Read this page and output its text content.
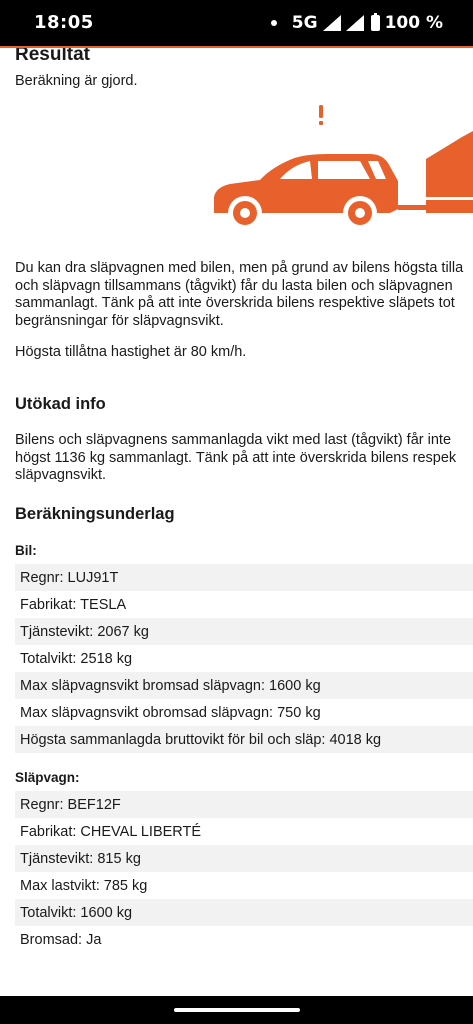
18:05	5G	100 %
Resultat

Beräkning är gjord.

Du kan dra släpvagnen med bilen, men på grund av bilens högsta tilla
och släpvagn tillsammans (tågvikt) får du lasta bilen och släpvagnen
sammanlagt. Tänk på att inte överskrida bilens respektive släpets tot
begränsningar för släpvagnsvikt.

Högsta tillåtna hastighet är 80 km/h.

Utökad info
Bilens och släpvagnens sammanlagda vikt med last (tågvikt) får inte
högst 1136 kg sammanlagt. Tänk på att inte överskrida bilens respek
släpvagnsvikt.
Beräkningsunderlag
Bil:
Regnr: LUJ91T
Fabrikat: TESLA
Tjänstevikt: 2067 kg
Totalvikt: 2518 kg
Max släpvagnsvikt bromsad släpvagn: 1600 kg
Max släpvagnsvikt obromsad släpvagn: 750 kg
Högsta sammanlagda bruttovikt för bil och släp: 4018 kg
Släpvagn:
Regnr: BEF12F
Fabrikat: CHEVAL LIBERTÉ
Tjänstevikt: 815 kg
Max lastvikt: 785 kg
Totalvikt: 1600 kg
Bromsad: Ja
